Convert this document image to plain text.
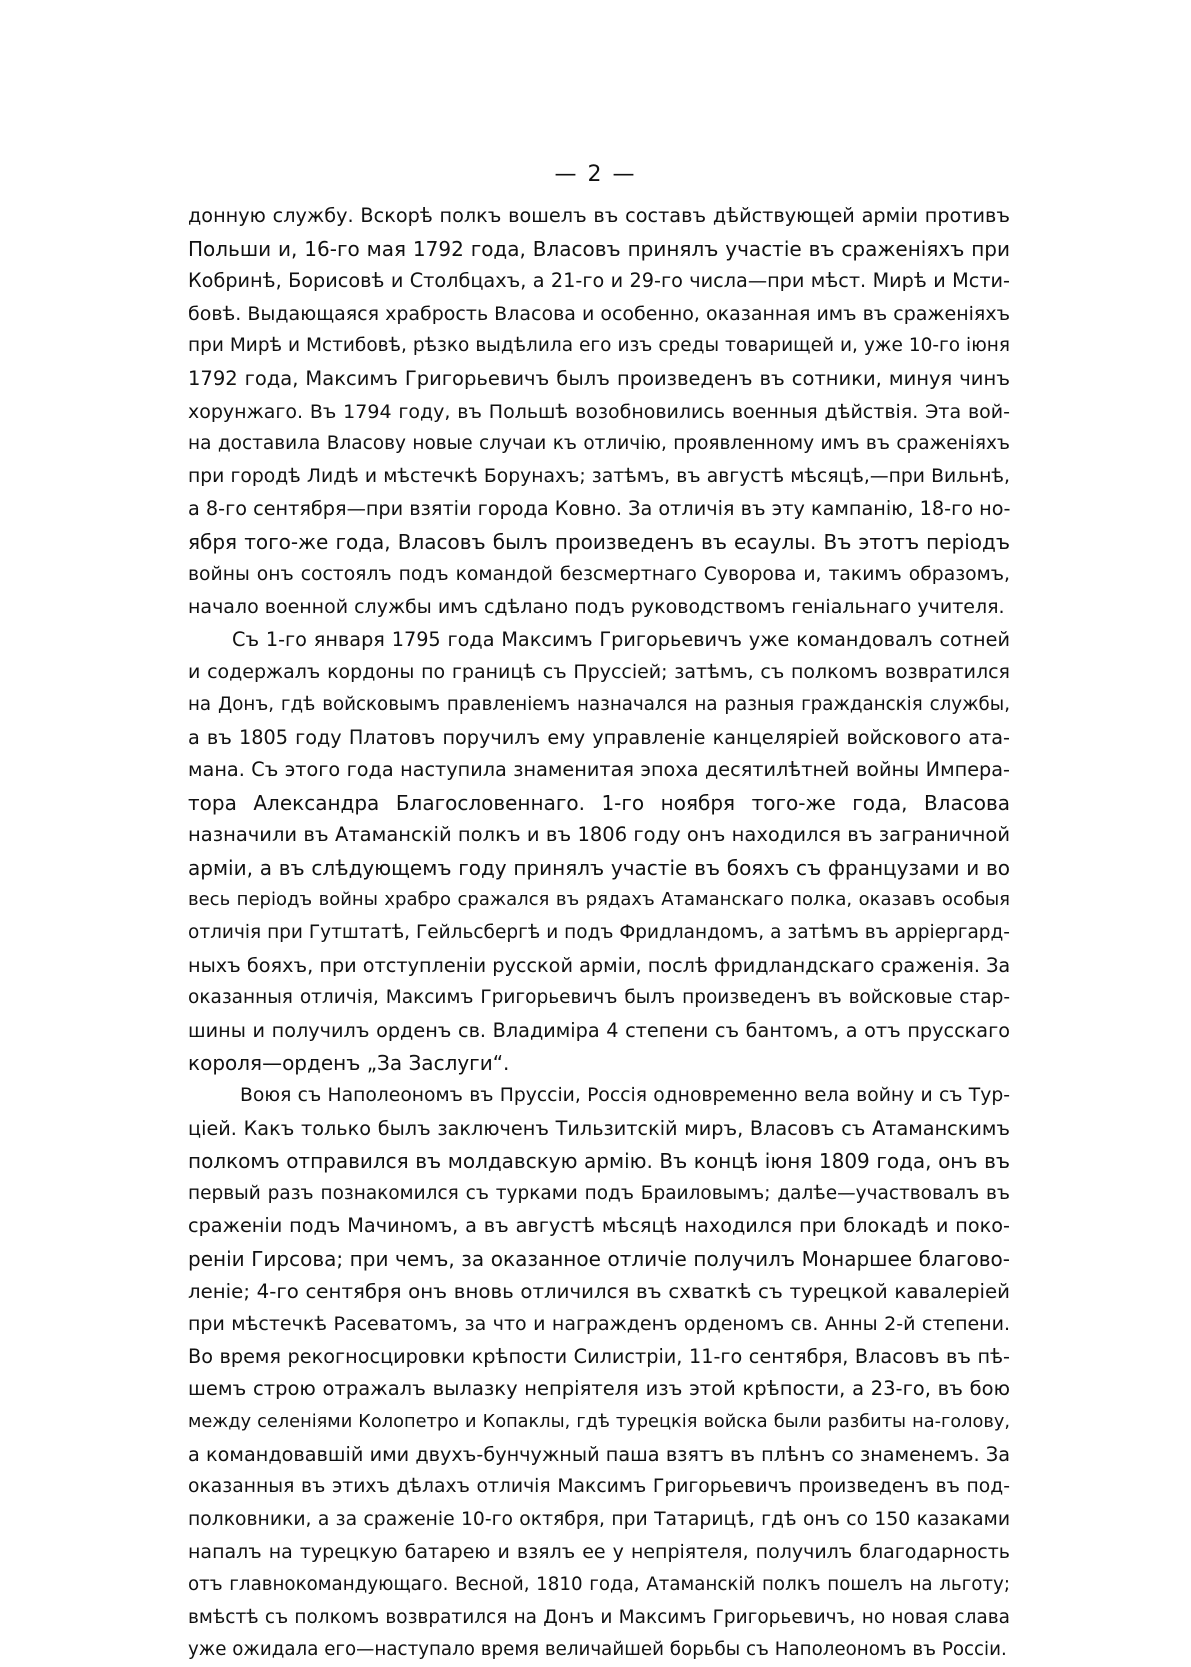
— 2 —
донную службу. Вскорѣ полкъ вошелъ въ составъ дѣйствующей арміи противъ
Польши и, 16-го мая 1792 года, Власовъ принялъ участіе въ сраженіяхъ при
Кобринѣ, Борисовѣ и Столбцахъ, а 21-го и 29-го числа—при мѣст. Мирѣ и Мсти-
бовѣ. Выдающаяся храбрость Власова и особенно, оказанная имъ въ сраженіяхъ
при Мирѣ и Мстибовѣ, рѣзко выдѣлила его изъ среды товарищей и, уже 10-го іюня
1792 года, Максимъ Григорьевичъ былъ произведенъ въ сотники, минуя чинъ
хорунжаго. Въ 1794 году, въ Польшѣ возобновились военныя дѣйствія. Эта вой-
на доставила Власову новые случаи къ отличію, проявленному имъ въ сраженіяхъ
при городѣ Лидѣ и мѣстечкѣ Борунахъ; затѣмъ, въ августѣ мѣсяцѣ,—при Вильнѣ,
а 8-го сентября—при взятіи города Ковно. За отличія въ эту кампанію, 18-го но-
ября того-же года, Власовъ былъ произведенъ въ есаулы. Въ этотъ періодъ
войны онъ состоялъ подъ командой безсмертнаго Суворова и, такимъ образомъ,
начало военной службы имъ сдѣлано подъ руководствомъ геніальнаго учителя.
Съ 1-го января 1795 года Максимъ Григорьевичъ уже командовалъ сотней
и содержалъ кордоны по границѣ съ Пруссіей; затѣмъ, съ полкомъ возвратился
на Донъ, гдѣ войсковымъ правленіемъ назначался на разныя гражданскія службы,
а въ 1805 году Платовъ поручилъ ему управленіе канцеляріей войскового ата-
мана. Съ этого года наступила знаменитая эпоха десятилѣтней войны Импера-
тора Александра Благословеннаго. 1-го ноября того-же года, Власова
назначили въ Атаманскій полкъ и въ 1806 году онъ находился въ заграничной
арміи, а въ слѣдующемъ году принялъ участіе въ бояхъ съ французами и во
весь періодъ войны храбро сражался въ рядахъ Атаманскаго полка, оказавъ особыя
отличія при Гутштатѣ, Гейльсбергѣ и подъ Фридландомъ, а затѣмъ въ арріергард-
ныхъ бояхъ, при отступленіи русской арміи, послѣ фридландскаго сраженія. За
оказанныя отличія, Максимъ Григорьевичъ былъ произведенъ въ войсковые стар-
шины и получилъ орденъ св. Владиміра 4 степени съ бантомъ, а отъ прусскаго
короля—орденъ „За Заслуги“.
Воюя съ Наполеономъ въ Пруссіи, Россія одновременно вела войну и съ Тур-
ціей. Какъ только былъ заключенъ Тильзитскій миръ, Власовъ съ Атаманскимъ
полкомъ отправился въ молдавскую армію. Въ концѣ іюня 1809 года, онъ въ
первый разъ познакомился съ турками подъ Браиловымъ; далѣе—участвовалъ въ
сраженіи подъ Мачиномъ, а въ августѣ мѣсяцѣ находился при блокадѣ и поко-
реніи Гирсова; при чемъ, за оказанное отличіе получилъ Монаршее благово-
леніе; 4-го сентября онъ вновь отличился въ схваткѣ съ турецкой кавалеріей
при мѣстечкѣ Расеватомъ, за что и награжденъ орденомъ св. Анны 2-й степени.
Во время рекогносцировки крѣпости Силистріи, 11-го сентября, Власовъ въ пѣ-
шемъ строю отражалъ вылазку непріятеля изъ этой крѣпости, а 23-го, въ бою
между селеніями Колопетро и Копаклы, гдѣ турецкія войска были разбиты на-голову,
а командовавшій ими двухъ-бунчужный паша взятъ въ плѣнъ со знаменемъ. За
оказанныя въ этихъ дѣлахъ отличія Максимъ Григорьевичъ произведенъ въ под-
полковники, а за сраженіе 10-го октября, при Татарицѣ, гдѣ онъ со 150 казаками
напалъ на турецкую батарею и взялъ ее у непріятеля, получилъ благодарность
отъ главнокомандующаго. Весной, 1810 года, Атаманскій полкъ пошелъ на льготу;
вмѣстѣ съ полкомъ возвратился на Донъ и Максимъ Григорьевичъ, но новая слава
уже ожидала его—наступало время величайшей борьбы съ Наполеономъ въ Россіи.
